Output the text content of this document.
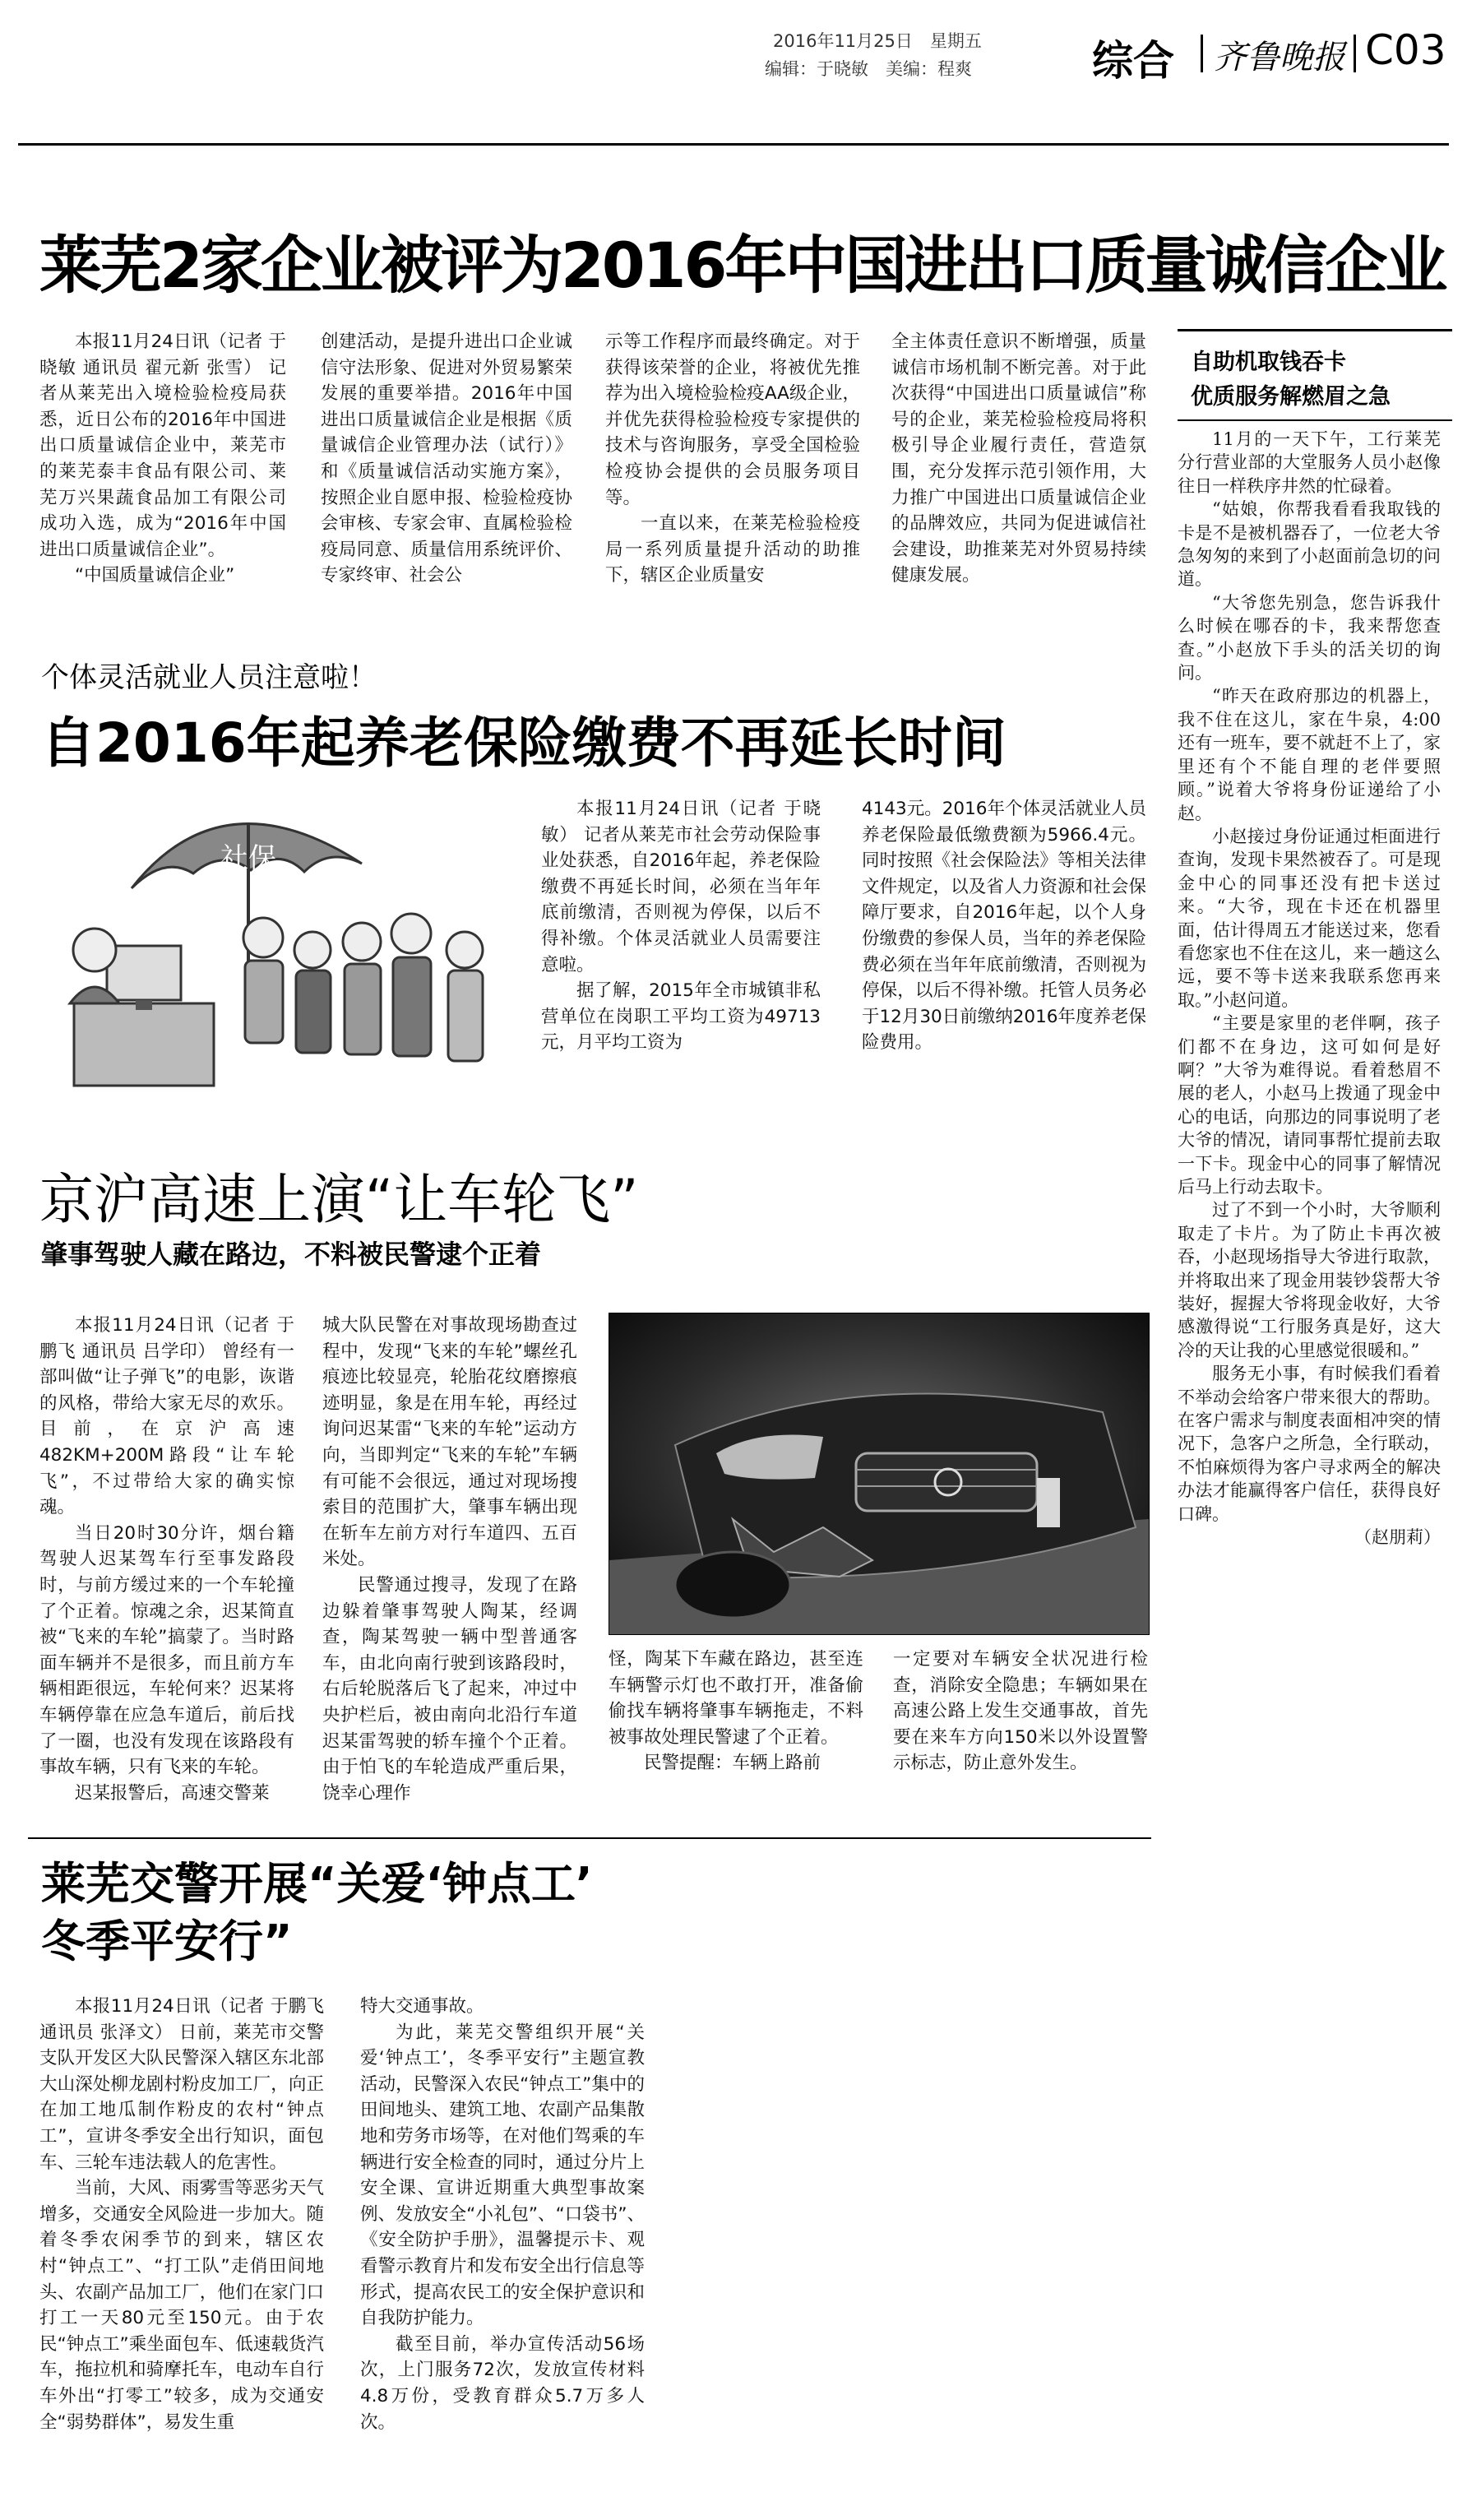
2016年11月25日　星期五
编辑：于晓敏　美编：程爽	综合 齐鲁晚报 C03
莱芜2家企业被评为2016年中国进出口质量诚信企业

本报11月24日讯（记者 于晓敏 通讯员 翟元新 张雪） 记者从莱芜出入境检验检疫局获悉，近日公布的2016年中国进出口质量诚信企业中，莱芜市的莱芜泰丰食品有限公司、莱芜万兴果蔬食品加工有限公司成功入选，成为“2016年中国进出口质量诚信企业”。

“中国质量诚信企业”

创建活动，是提升进出口企业诚信守法形象、促进对外贸易繁荣发展的重要举措。2016年中国进出口质量诚信企业是根据《质量诚信企业管理办法（试行）》和《质量诚信活动实施方案》，按照企业自愿申报、检验检疫协会审核、专家会审、直属检验检疫局同意、质量信用系统评价、专家终审、社会公

示等工作程序而最终确定。对于获得该荣誉的企业，将被优先推荐为出入境检验检疫AA级企业，并优先获得检验检疫专家提供的技术与咨询服务，享受全国检验检疫协会提供的会员服务项目等。

一直以来，在莱芜检验检疫局一系列质量提升活动的助推下，辖区企业质量安

全主体责任意识不断增强，质量诚信市场机制不断完善。对于此次获得“中国进出口质量诚信”称号的企业，莱芜检验检疫局将积极引导企业履行责任，营造氛围，充分发挥示范引领作用，大力推广中国进出口质量诚信企业的品牌效应，共同为促进诚信社会建设，助推莱芜对外贸易持续健康发展。

自助机取钱吞卡
优质服务解燃眉之急

11月的一天下午，工行莱芜分行营业部的大堂服务人员小赵像往日一样秩序井然的忙碌着。

“姑娘，你帮我看看我取钱的卡是不是被机器吞了，一位老大爷急匆匆的来到了小赵面前急切的问道。

“大爷您先别急，您告诉我什么时候在哪吞的卡，我来帮您查查。”小赵放下手头的活关切的询问。

“昨天在政府那边的机器上，我不住在这儿，家在牛泉，4:00还有一班车，要不就赶不上了，家里还有个不能自理的老伴要照顾。”说着大爷将身份证递给了小赵。

小赵接过身份证通过柜面进行查询，发现卡果然被吞了。可是现金中心的同事还没有把卡送过来。“大爷，现在卡还在机器里面，估计得周五才能送过来，您看看您家也不住在这儿，来一趟这么远，要不等卡送来我联系您再来取。”小赵问道。

“主要是家里的老伴啊，孩子们都不在身边，这可如何是好啊？”大爷为难得说。看着愁眉不展的老人，小赵马上拨通了现金中心的电话，向那边的同事说明了老大爷的情况，请同事帮忙提前去取一下卡。现金中心的同事了解情况后马上行动去取卡。

过了不到一个小时，大爷顺利取走了卡片。为了防止卡再次被吞，小赵现场指导大爷进行取款，并将取出来了现金用装钞袋帮大爷装好，握握大爷将现金收好，大爷感激得说“工行服务真是好，这大冷的天让我的心里感觉很暖和。”

服务无小事，有时候我们看着不举动会给客户带来很大的帮助。在客户需求与制度表面相冲突的情况下，急客户之所急，全行联动，不怕麻烦得为客户寻求两全的解决办法才能赢得客户信任，获得良好口碑。

（赵朋莉）

个体灵活就业人员注意啦！
自2016年起养老保险缴费不再延长时间
社保

本报11月24日讯（记者 于晓敏） 记者从莱芜市社会劳动保险事业处获悉，自2016年起，养老保险缴费不再延长时间，必须在当年年底前缴清，否则视为停保，以后不得补缴。个体灵活就业人员需要注意啦。

据了解，2015年全市城镇非私营单位在岗职工平均工资为49713元，月平均工资为

4143元。2016年个体灵活就业人员养老保险最低缴费额为5966.4元。同时按照《社会保险法》等相关法律文件规定，以及省人力资源和社会保障厅要求，自2016年起，以个人身份缴费的参保人员，当年的养老保险费必须在当年年底前缴清，否则视为停保，以后不得补缴。托管人员务必于12月30日前缴纳2016年度养老保险费用。

京沪高速上演“让车轮飞”
肇事驾驶人藏在路边，不料被民警逮个正着

本报11月24日讯（记者 于鹏飞 通讯员 吕学印） 曾经有一部叫做“让子弹飞”的电影，诙谐的风格，带给大家无尽的欢乐。目前，在京沪高速482KM+200M路段“让车轮飞”，不过带给大家的确实惊魂。

当日20时30分许，烟台籍驾驶人迟某驾车行至事发路段时，与前方缓过来的一个车轮撞了个正着。惊魂之余，迟某简直被“飞来的车轮”搞蒙了。当时路面车辆并不是很多，而且前方车辆相距很远，车轮何来？迟某将车辆停靠在应急车道后，前后找了一圈，也没有发现在该路段有事故车辆，只有飞来的车轮。

迟某报警后，高速交警莱

城大队民警在对事故现场勘查过程中，发现“飞来的车轮”螺丝孔痕迹比较显亮，轮胎花纹磨擦痕迹明显，象是在用车轮，再经过询问迟某雷“飞来的车轮”运动方向，当即判定“飞来的车轮”车辆有可能不会很远，通过对现场搜索目的范围扩大，肇事车辆出现在斩车左前方对行车道四、五百米处。

民警通过搜寻，发现了在路边躲着肇事驾驶人陶某，经调查，陶某驾驶一辆中型普通客车，由北向南行驶到该路段时，右后轮脱落后飞了起来，冲过中央护栏后，被由南向北沿行车道迟某雷驾驶的轿车撞个个正着。由于怕飞的车轮造成严重后果，饶幸心理作

怪，陶某下车藏在路边，甚至连车辆警示灯也不敢打开，准备偷偷找车辆将肇事车辆拖走，不料被事故处理民警逮了个正着。

民警提醒：车辆上路前

一定要对车辆安全状况进行检查，消除安全隐患；车辆如果在高速公路上发生交通事故，首先要在来车方向150米以外设置警示标志，防止意外发生。

莱芜交警开展“关爱‘钟点工’
冬季平安行”

本报11月24日讯（记者 于鹏飞 通讯员 张泽文） 日前，莱芜市交警支队开发区大队民警深入辖区东北部大山深处柳龙剧村粉皮加工厂，向正在加工地瓜制作粉皮的农村“钟点工”，宣讲冬季安全出行知识，面包车、三轮车违法载人的危害性。

当前，大风、雨雾雪等恶劣天气增多，交通安全风险进一步加大。随着冬季农闲季节的到来，辖区农村“钟点工”、“打工队”走俏田间地头、农副产品加工厂，他们在家门口打工一天80元至150元。由于农民“钟点工”乘坐面包车、低速载货汽车，拖拉机和骑摩托车，电动车自行车外出“打零工”较多，成为交通安全“弱势群体”，易发生重

特大交通事故。

为此，莱芜交警组织开展“关爱‘钟点工’，冬季平安行”主题宣教活动，民警深入农民“钟点工”集中的田间地头、建筑工地、农副产品集散地和劳务市场等，在对他们驾乘的车辆进行安全检查的同时，通过分片上安全课、宣讲近期重大典型事故案例、发放安全“小礼包”、“口袋书”、《安全防护手册》，温馨提示卡、观看警示教育片和发布安全出行信息等形式，提高农民工的安全保护意识和自我防护能力。

截至目前，举办宣传活动56场次，上门服务72次，发放宣传材料4.8万份，受教育群众5.7万多人次。
